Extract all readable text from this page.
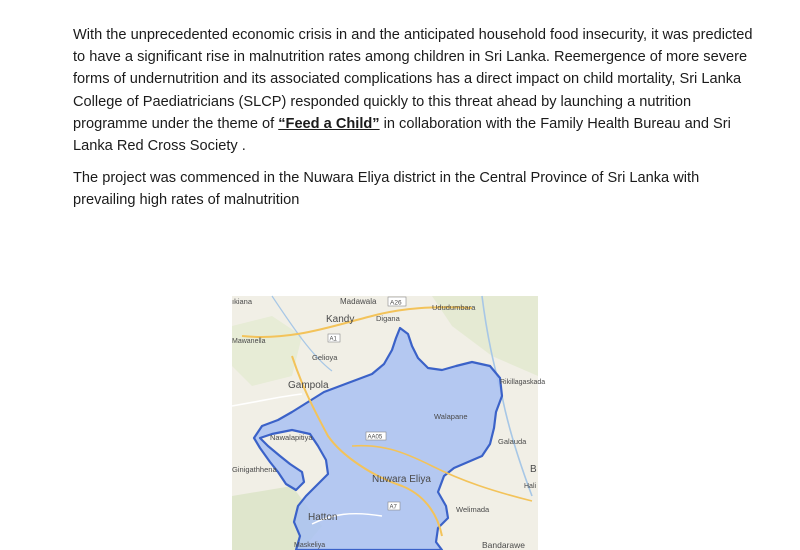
With the unprecedented economic crisis in and the anticipated household food insecurity, it was predicted to have a significant rise in malnutrition rates among children in Sri Lanka. Reemergence of more severe forms of undernutrition and its associated complications has a direct impact on child mortality, Sri Lanka College of Paediatricians (SLCP) responded quickly to this threat ahead by launching a nutrition programme under the theme of “Feed a Child” in collaboration with the Family Health Bureau and Sri Lanka Red Cross Society .

The project was commenced in the Nuwara Eliya district in the Central Province of Sri Lanka with prevailing high rates of malnutrition

Madawala
Kandy	Digana
Ududumbara
ıkiana
Mawanella
Gelioya
Gampola	Rikillagaskada
Walapane
Nawalapitiya	Galauda
Ginigathhena
Nuwara Eliya
B
Hali
Welimada
Hatton
Maskeliya	Bandarawe
A26
A1
AA05
A7
